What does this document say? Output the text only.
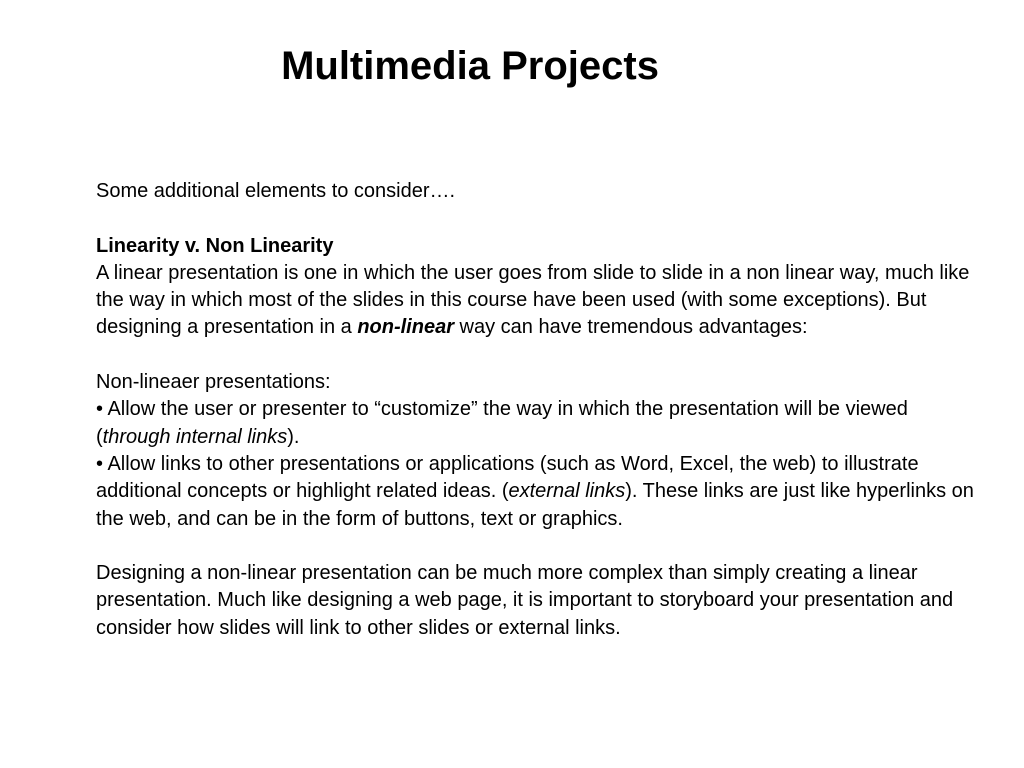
Multimedia Projects

Some additional elements to consider….

Linearity v. Non Linearity

A linear presentation is one in which the user goes from slide to slide in a non linear way, much like the way in which most of the slides in this course have been used (with some exceptions). But designing a presentation in a non-linear way can have tremendous advantages:

Non-lineaer presentations:

• Allow the user or presenter to “customize” the way in which the presentation will be viewed (through internal links).

• Allow links to other presentations or applications (such as Word, Excel, the web) to illustrate additional concepts or highlight related ideas. (external links). These links are just like hyperlinks on the web, and can be in the form of buttons, text or graphics.

Designing a non-linear presentation can be much more complex than simply creating a linear presentation. Much like designing a web page, it is important to storyboard your presentation and consider how slides will link to other slides or external links.
